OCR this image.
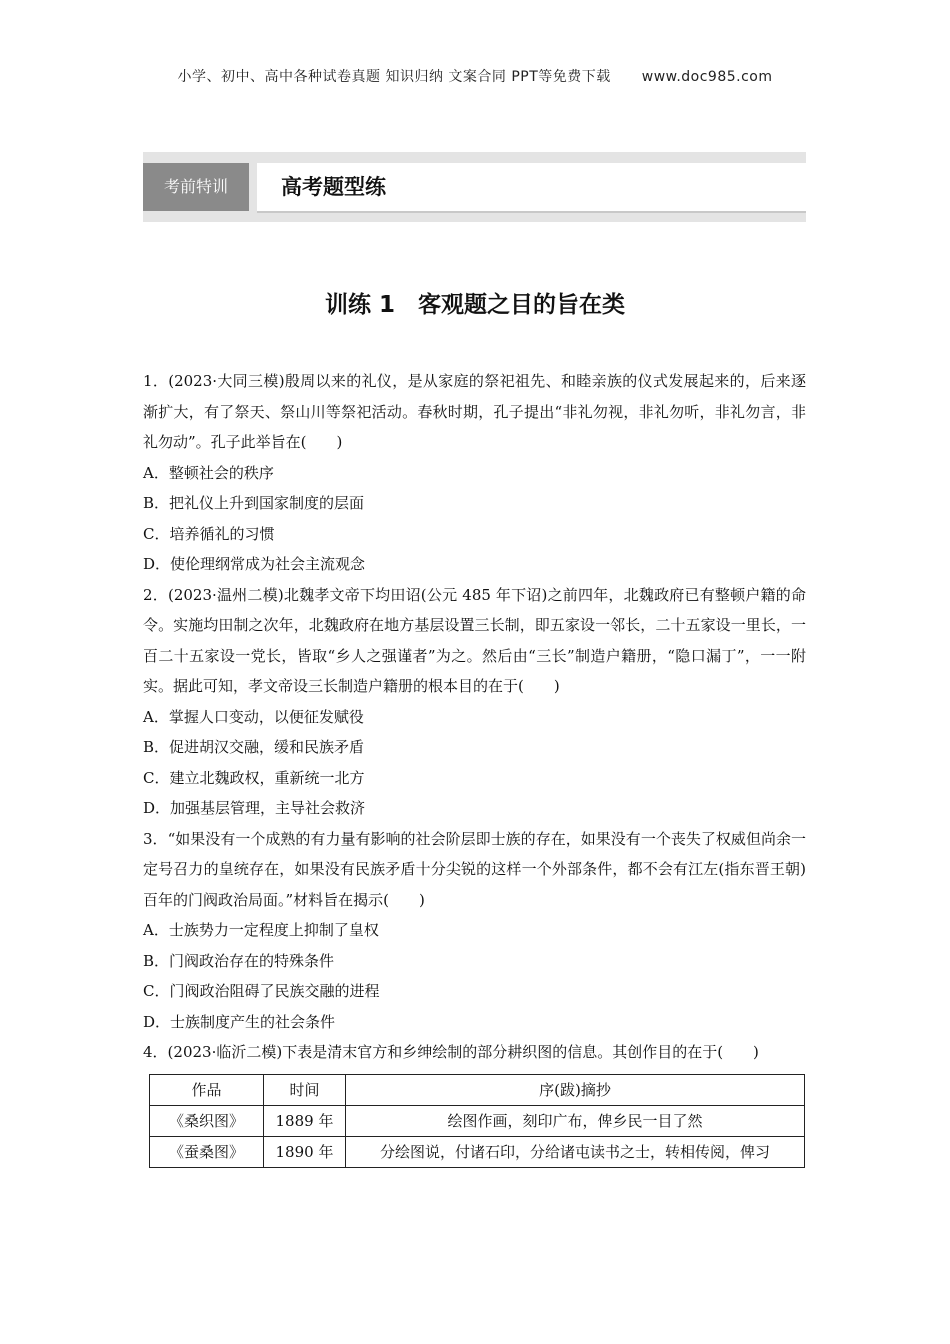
小学、初中、高中各种试卷真题 知识归纳 文案合同 PPT等免费下载 www.doc985.com
考前特训	高考题型练
训练 1　客观题之目的旨在类

1．(2023·大同三模)殷周以来的礼仪，是从家庭的祭祀祖先、和睦亲族的仪式发展起来的，后来逐渐扩大，有了祭天、祭山川等祭祀活动。春秋时期，孔子提出“非礼勿视，非礼勿听，非礼勿言，非礼勿动”。孔子此举旨在(　　)

A．整顿社会的秩序

B．把礼仪上升到国家制度的层面

C．培养循礼的习惯

D．使伦理纲常成为社会主流观念

2．(2023·温州二模)北魏孝文帝下均田诏(公元 485 年下诏)之前四年，北魏政府已有整顿户籍的命令。实施均田制之次年，北魏政府在地方基层设置三长制，即五家设一邻长，二十五家设一里长，一百二十五家设一党长，皆取“乡人之强谨者”为之。然后由“三长”制造户籍册，“隐口漏丁”，一一附实。据此可知，孝文帝设三长制造户籍册的根本目的在于(　　)

A．掌握人口变动，以便征发赋役

B．促进胡汉交融，缓和民族矛盾

C．建立北魏政权，重新统一北方

D．加强基层管理，主导社会救济

3．“如果没有一个成熟的有力量有影响的社会阶层即士族的存在，如果没有一个丧失了权威但尚余一定号召力的皇统存在，如果没有民族矛盾十分尖锐的这样一个外部条件，都不会有江左(指东晋王朝)百年的门阀政治局面。”材料旨在揭示(　　)

A．士族势力一定程度上抑制了皇权

B．门阀政治存在的特殊条件

C．门阀政治阻碍了民族交融的进程

D．士族制度产生的社会条件

4．(2023·临沂二模)下表是清末官方和乡绅绘制的部分耕织图的信息。其创作目的在于(　　)

作品	时间	序(跋)摘抄
《桑织图》	1889 年	绘图作画，刻印广布，俾乡民一目了然
《蚕桑图》	1890 年	分绘图说，付诸石印，分给诸屯读书之士，转相传阅，俾习
